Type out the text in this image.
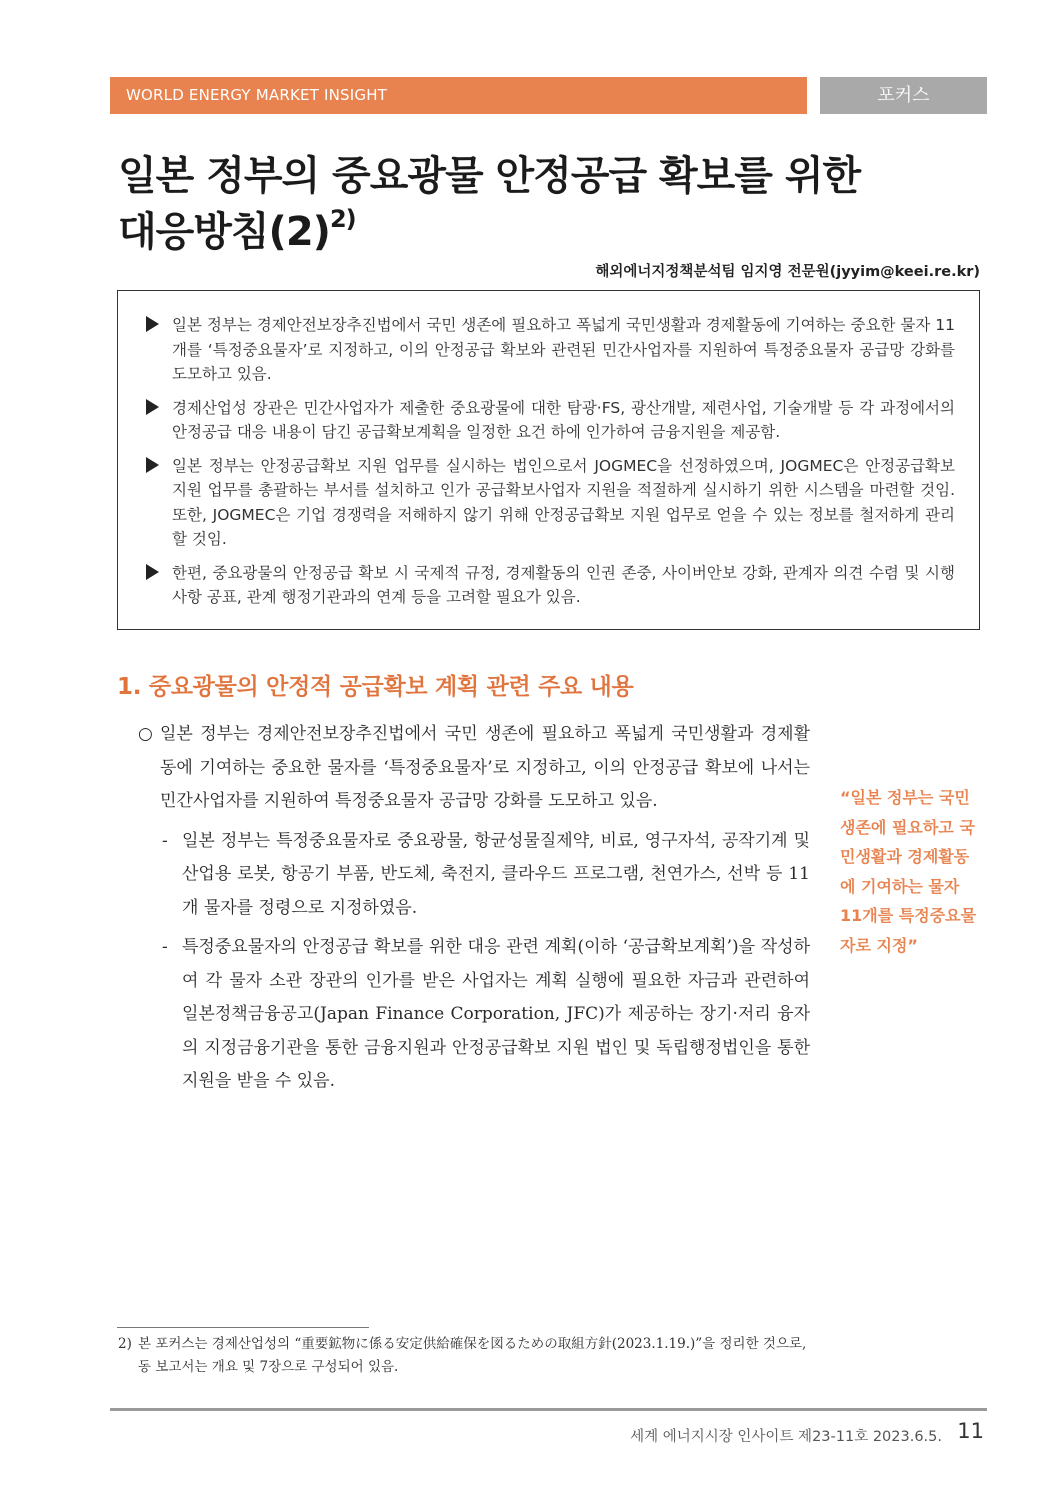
WORLD ENERGY MARKET INSIGHT	포커스
일본 정부의 중요광물 안정공급 확보를 위한
대응방침$(2)^{2)}$
해외에너지정책분석팀 임지영 전문원(jyyim@keei.re.kr)
일본 정부는 경제안전보장추진법에서 국민 생존에 필요하고 폭넓게 국민생활과 경제활동에 기여하는 중요한 물자 11개를 ‘특정중요물자’로 지정하고, 이의 안정공급 확보와 관련된 민간사업자를 지원하여 특정중요물자 공급망 강화를 도모하고 있음.
경제산업성 장관은 민간사업자가 제출한 중요광물에 대한 탐광·FS, 광산개발, 제련사업, 기술개발 등 각 과정에서의 안정공급 대응 내용이 담긴 공급확보계획을 일정한 요건 하에 인가하여 금융지원을 제공함.
일본 정부는 안정공급확보 지원 업무를 실시하는 법인으로서 JOGMEC을 선정하였으며, JOGMEC은 안정공급확보 지원 업무를 총괄하는 부서를 설치하고 인가 공급확보사업자 지원을 적절하게 실시하기 위한 시스템을 마련할 것임. 또한, JOGMEC은 기업 경쟁력을 저해하지 않기 위해 안정공급확보 지원 업무로 얻을 수 있는 정보를 철저하게 관리할 것임.
한편, 중요광물의 안정공급 확보 시 국제적 규정, 경제활동의 인권 존중, 사이버안보 강화, 관계자 의견 수렴 및 시행 사항 공표, 관계 행정기관과의 연계 등을 고려할 필요가 있음.
1. 중요광물의 안정적 공급확보 계획 관련 주요 내용
○ 일본 정부는 경제안전보장추진법에서 국민 생존에 필요하고 폭넓게 국민생활과 경제활동에 기여하는 중요한 물자를 ‘특정중요물자’로 지정하고, 이의 안정공급 확보에 나서는 민간사업자를 지원하여 특정중요물자 공급망 강화를 도모하고 있음.
- 일본 정부는 특정중요물자로 중요광물, 항균성물질제약, 비료, 영구자석, 공작기계 및 산업용 로봇, 항공기 부품, 반도체, 축전지, 클라우드 프로그램, 천연가스, 선박 등 11개 물자를 정령으로 지정하였음.
- 특정중요물자의 안정공급 확보를 위한 대응 관련 계획(이하 ‘공급확보계획’)을 작성하여 각 물자 소관 장관의 인가를 받은 사업자는 계획 실행에 필요한 자금과 관련하여 일본정책금융공고(Japan Finance Corporation, JFC)가 제공하는 장기·저리 융자의 지정금융기관을 통한 금융지원과 안정공급확보 지원 법인 및 독립행정법인을 통한 지원을 받을 수 있음.
“일본 정부는 국민 생존에 필요하고 국민생활과 경제활동에 기여하는 물자 11개를 특정중요물자로 지정”
2) 본 포커스는 경제산업성의 “重要鉱物に係る安定供給確保を図るための取組方針(2023.1.19.)”을 정리한 것으로, 동 보고서는 개요 및 7장으로 구성되어 있음.
세계 에너지시장 인사이트 제23-11호 2023.6.5. 11
